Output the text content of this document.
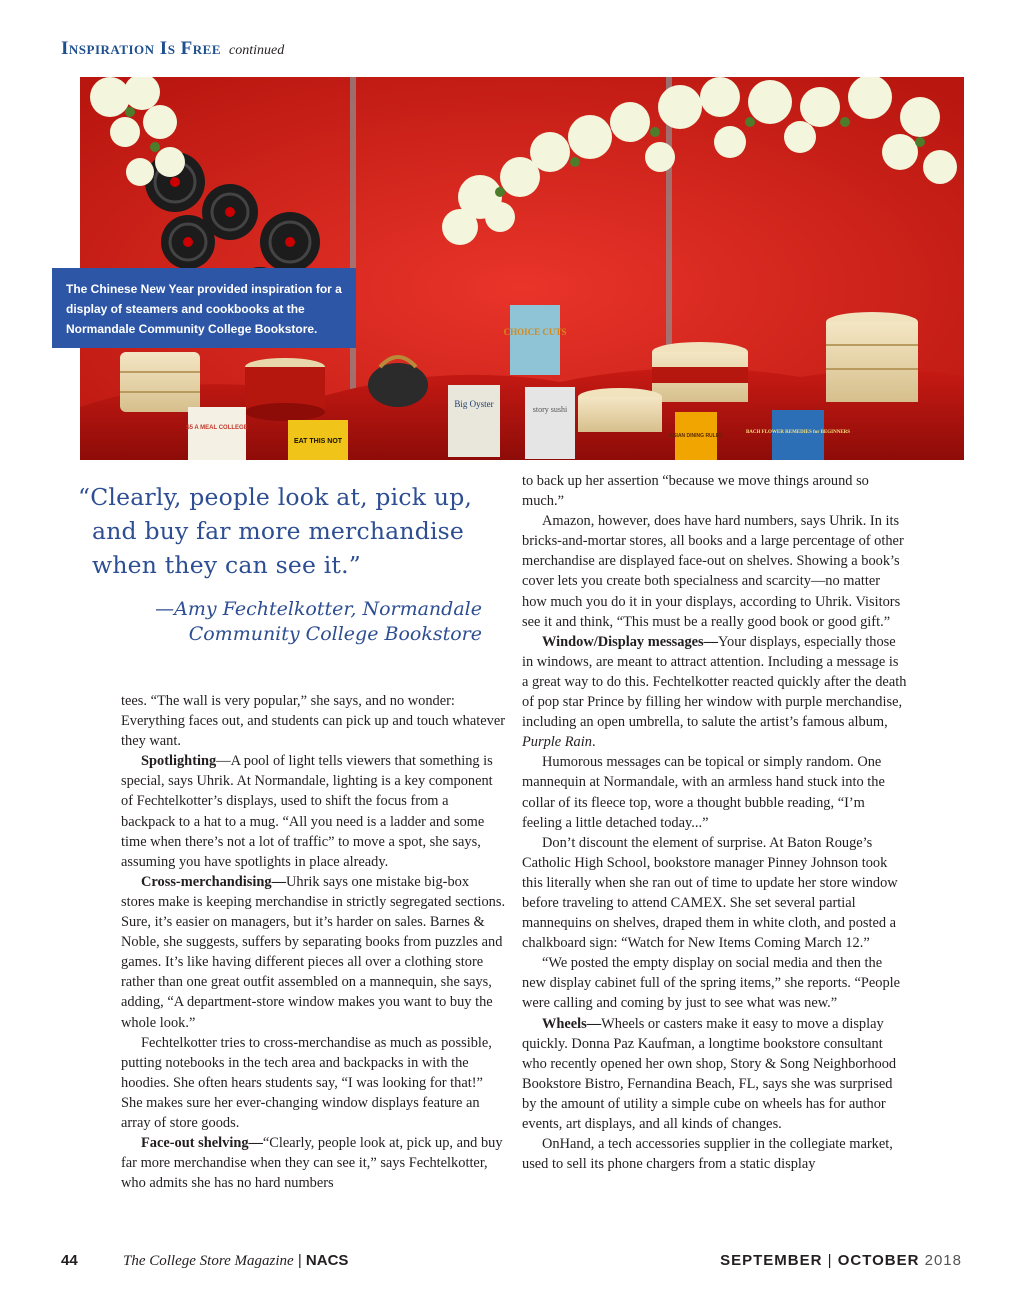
Inspiration Is Free continued
CHOICE CUTS
Big Oyster
story sushi
$5 A MEAL COLLEGE
EAT THIS NOT
ASIAN DINING RULES
BACH FLOWER REMEDIES for BEGINNERS
The Chinese New Year provided inspiration for a display of steamers and cookbooks at the Normandale Community College Bookstore.
“Clearly, people look at, pick up,
and buy far more merchandise
when they can see it.”
—Amy Fechtelkotter, Normandale
Community College Bookstore

tees. “The wall is very popular,” she says, and no wonder: Everything faces out, and students can pick up and touch whatever they want.

Spotlighting—A pool of light tells viewers that something is special, says Uhrik. At Normandale, lighting is a key component of Fechtelkotter’s displays, used to shift the focus from a backpack to a hat to a mug. “All you need is a ladder and some time when there’s not a lot of traffic” to move a spot, she says, assuming you have spotlights in place already.

Cross-merchandising—Uhrik says one mistake big-box stores make is keeping merchandise in strictly segregated sections. Sure, it’s easier on managers, but it’s harder on sales. Barnes & Noble, she suggests, suffers by separating books from puzzles and games. It’s like having different pieces all over a clothing store rather than one great outfit assembled on a mannequin, she says, adding, “A department-store window makes you want to buy the whole look.”

Fechtelkotter tries to cross-merchandise as much as possible, putting notebooks in the tech area and backpacks in with the hoodies. She often hears students say, “I was looking for that!” She makes sure her ever-changing window displays feature an array of store goods.

Face-out shelving—“Clearly, people look at, pick up, and buy far more merchandise when they can see it,” says Fechtelkotter, who admits she has no hard numbers

to back up her assertion “because we move things around so much.”

Amazon, however, does have hard numbers, says Uhrik. In its bricks-and-mortar stores, all books and a large percentage of other merchandise are displayed face-out on shelves. Showing a book’s cover lets you create both specialness and scarcity—no matter how much you do it in your displays, according to Uhrik. Visitors see it and think, “This must be a really good book or good gift.”

Window/Display messages—Your displays, especially those in windows, are meant to attract attention. Including a message is a great way to do this. Fechtelkotter reacted quickly after the death of pop star Prince by filling her window with purple merchandise, including an open umbrella, to salute the artist’s famous album, Purple Rain.

Humorous messages can be topical or simply random. One mannequin at Normandale, with an armless hand stuck into the collar of its fleece top, wore a thought bubble reading, “I’m feeling a little detached today...”

Don’t discount the element of surprise. At Baton Rouge’s Catholic High School, bookstore manager Pinney Johnson took this literally when she ran out of time to update her store window before traveling to attend CAMEX. She set several partial mannequins on shelves, draped them in white cloth, and posted a chalkboard sign: “Watch for New Items Coming March 12.”

“We posted the empty display on social media and then the new display cabinet full of the spring items,” she reports. “People were calling and coming by just to see what was new.”

Wheels—Wheels or casters make it easy to move a display quickly. Donna Paz Kaufman, a longtime bookstore consultant who recently opened her own shop, Story & Song Neighborhood Bookstore Bistro, Fernandina Beach, FL, says she was surprised by the amount of utility a simple cube on wheels has for author events, art displays, and all kinds of changes.

OnHand, a tech accessories supplier in the collegiate market, used to sell its phone chargers from a static display

44	The College Store Magazine | NACS	SEPTEMBER | OCTOBER 2018
